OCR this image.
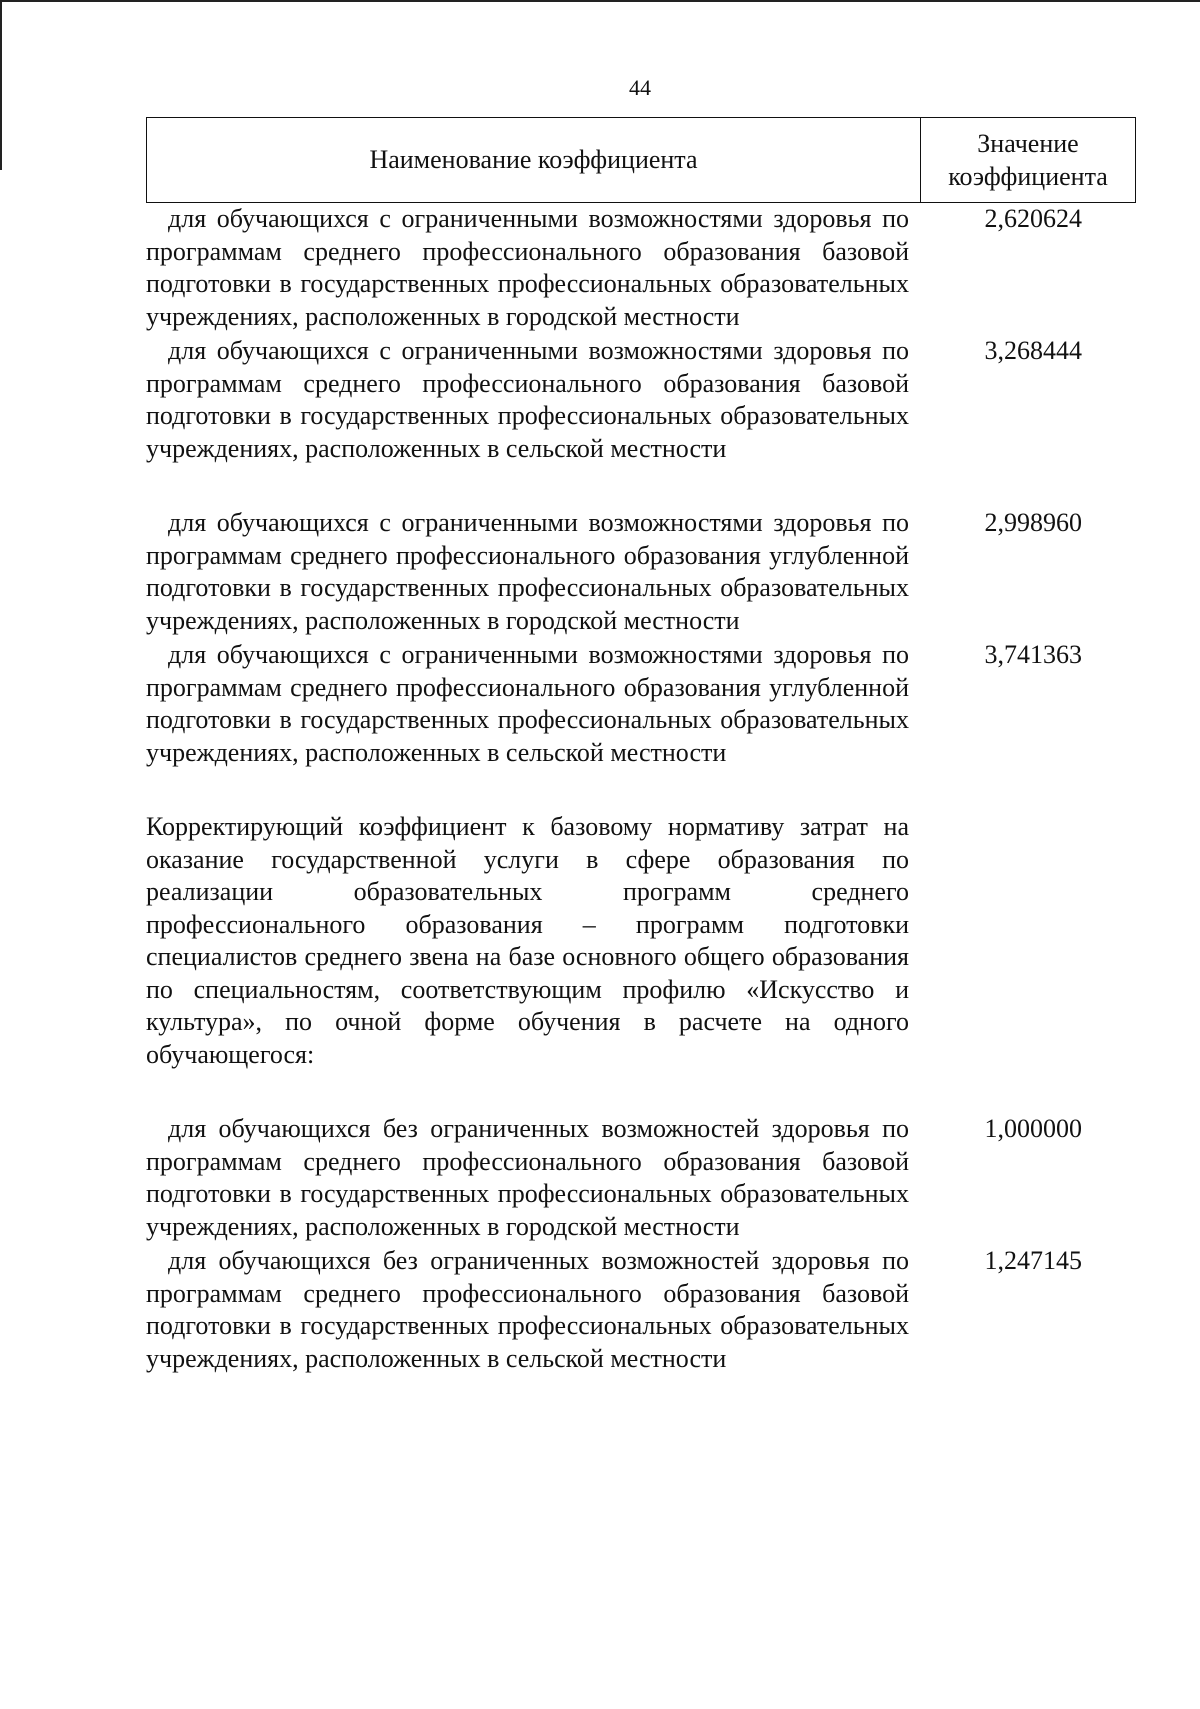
44
Наименование коэффициента
Значение
коэффициента
для обучающихся с ограниченными возможностями здоровья по программам среднего профессионального образования базовой подготовки в государственных профессиональных образовательных учреждениях, расположенных в городской местности
2,620624
для обучающихся с ограниченными возможностями здоровья по программам среднего профессионального образования базовой подготовки в государственных профессиональных образовательных учреждениях, расположенных в сельской местности
3,268444
для обучающихся с ограниченными возможностями здоровья по программам среднего профессионального образования углубленной подготовки в государственных профессиональных образовательных учреждениях, расположенных в городской местности
2,998960
для обучающихся с ограниченными возможностями здоровья по программам среднего профессионального образования углубленной подготовки в государственных профессиональных образовательных учреждениях, расположенных в сельской местности
3,741363
Корректирующий коэффициент к базовому нормативу затрат на оказание государственной услуги в сфере образования по реализации образовательных программ среднего профессионального образования – программ подготовки специалистов среднего звена на базе основного общего образования по специальностям, соответствующим профилю «Искусство и культура», по очной форме обучения в расчете на одного обучающегося:
для обучающихся без ограниченных возможностей здоровья по программам среднего профессионального образования базовой подготовки в государственных профессиональных образовательных учреждениях, расположенных в городской местности
1,000000
для обучающихся без ограниченных возможностей здоровья по программам среднего профессионального образования базовой подготовки в государственных профессиональных образовательных учреждениях, расположенных в сельской местности
1,247145
